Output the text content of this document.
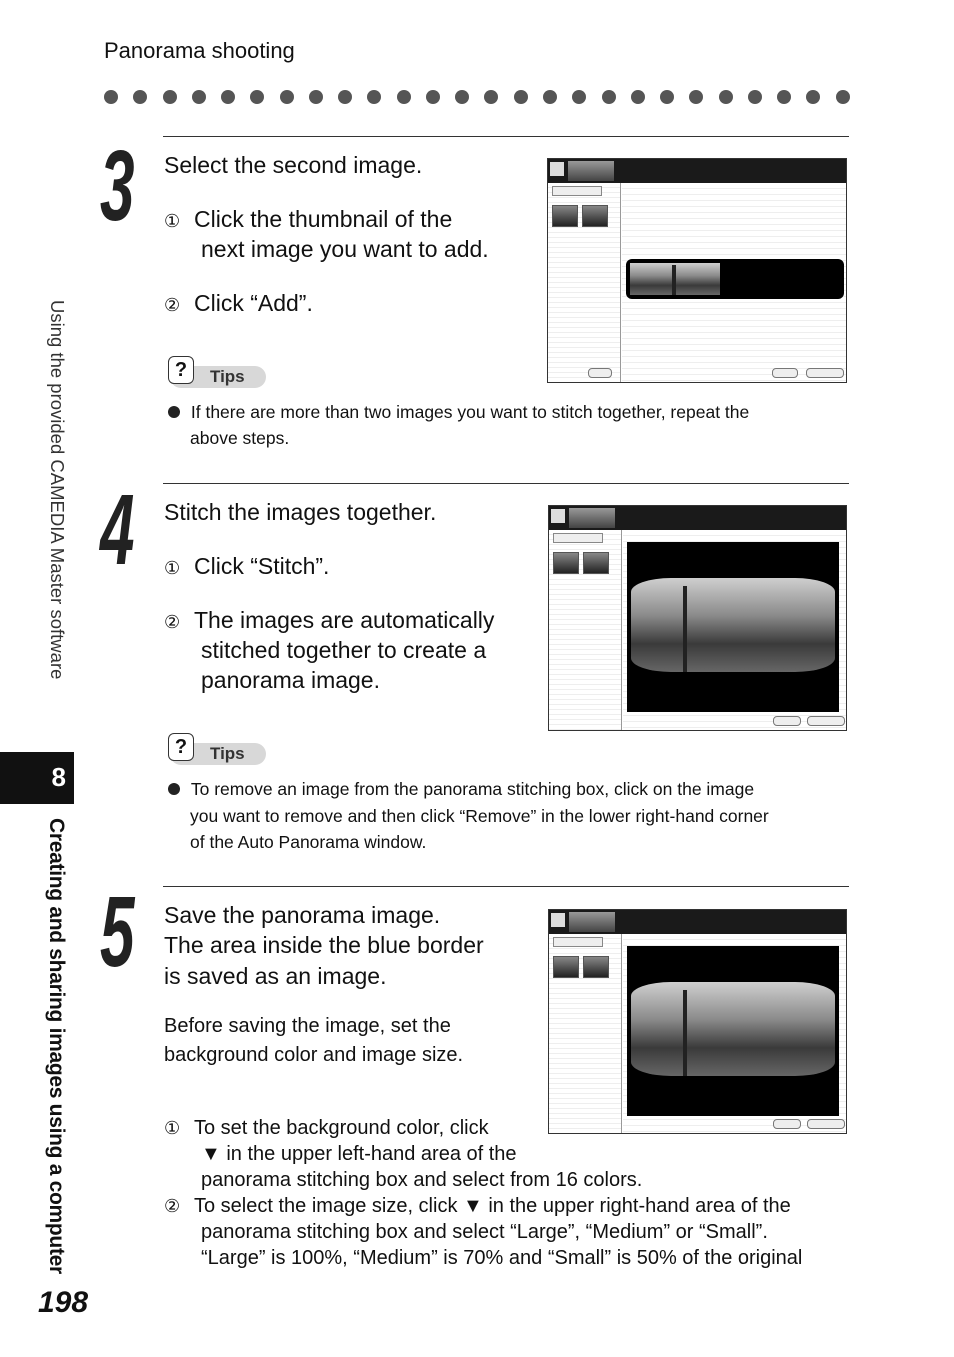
Panorama shooting
Using the provided CAMEDIA Master software
8
Creating and sharing images using a computer
198
3 Select the second image.
① Click the thumbnail of the
next image you want to add.
② Click “Add”.
?	Tips
If there are more than two images you want to stitch together, repeat the
above steps.
4 Stitch the images together.
① Click “Stitch”.
② The images are automatically
stitched together to create a
panorama image.
?	Tips
To remove an image from the panorama stitching box, click on the image
you want to remove and then click “Remove” in the lower right-hand corner
of the Auto Panorama window.
5 Save the panorama image.
The area inside the blue border
is saved as an image.
Before saving the image, set the
background color and image size.
① To set the background color, click
▼ in the upper left-hand area of the
panorama stitching box and select from 16 colors.
② To select the image size, click ▼ in the upper right-hand area of the
panorama stitching box and select “Large”, “Medium” or “Small”.
“Large” is 100%, “Medium” is 70% and “Small” is 50% of the original
